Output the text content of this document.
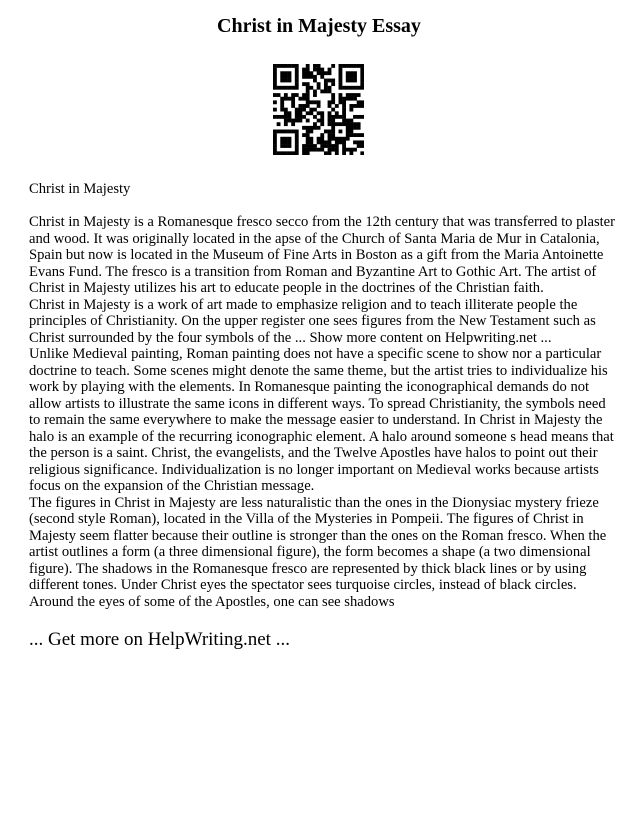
Christ in Majesty Essay

Christ in Majesty

Christ in Majesty is a Romanesque fresco secco from the 12th century that was transferred to plaster and wood. It was originally located in the apse of the Church of Santa Maria de Mur in Catalonia, Spain but now is located in the Museum of Fine Arts in Boston as a gift from the Maria Antoinette Evans Fund. The fresco is a transition from Roman and Byzantine Art to Gothic Art. The artist of Christ in Majesty utilizes his art to educate people in the doctrines of the Christian faith.

Christ in Majesty is a work of art made to emphasize religion and to teach illiterate people the principles of Christianity. On the upper register one sees figures from the New Testament such as Christ surrounded by the four symbols of the ... Show more content on Helpwriting.net ...

Unlike Medieval painting, Roman painting does not have a specific scene to show nor a particular doctrine to teach. Some scenes might denote the same theme, but the artist tries to individualize his work by playing with the elements. In Romanesque painting the iconographical demands do not allow artists to illustrate the same icons in different ways. To spread Christianity, the symbols need to remain the same everywhere to make the message easier to understand. In Christ in Majesty the halo is an example of the recurring iconographic element. A halo around someone s head means that the person is a saint. Christ, the evangelists, and the Twelve Apostles have halos to point out their religious significance. Individualization is no longer important on Medieval works because artists focus on the expansion of the Christian message.

The figures in Christ in Majesty are less naturalistic than the ones in the Dionysiac mystery frieze (second style Roman), located in the Villa of the Mysteries in Pompeii. The figures of Christ in Majesty seem flatter because their outline is stronger than the ones on the Roman fresco. When the artist outlines a form (a three dimensional figure), the form becomes a shape (a two dimensional figure). The shadows in the Romanesque fresco are represented by thick black lines or by using different tones. Under Christ eyes the spectator sees turquoise circles, instead of black circles. Around the eyes of some of the Apostles, one can see shadows

... Get more on HelpWriting.net ...
